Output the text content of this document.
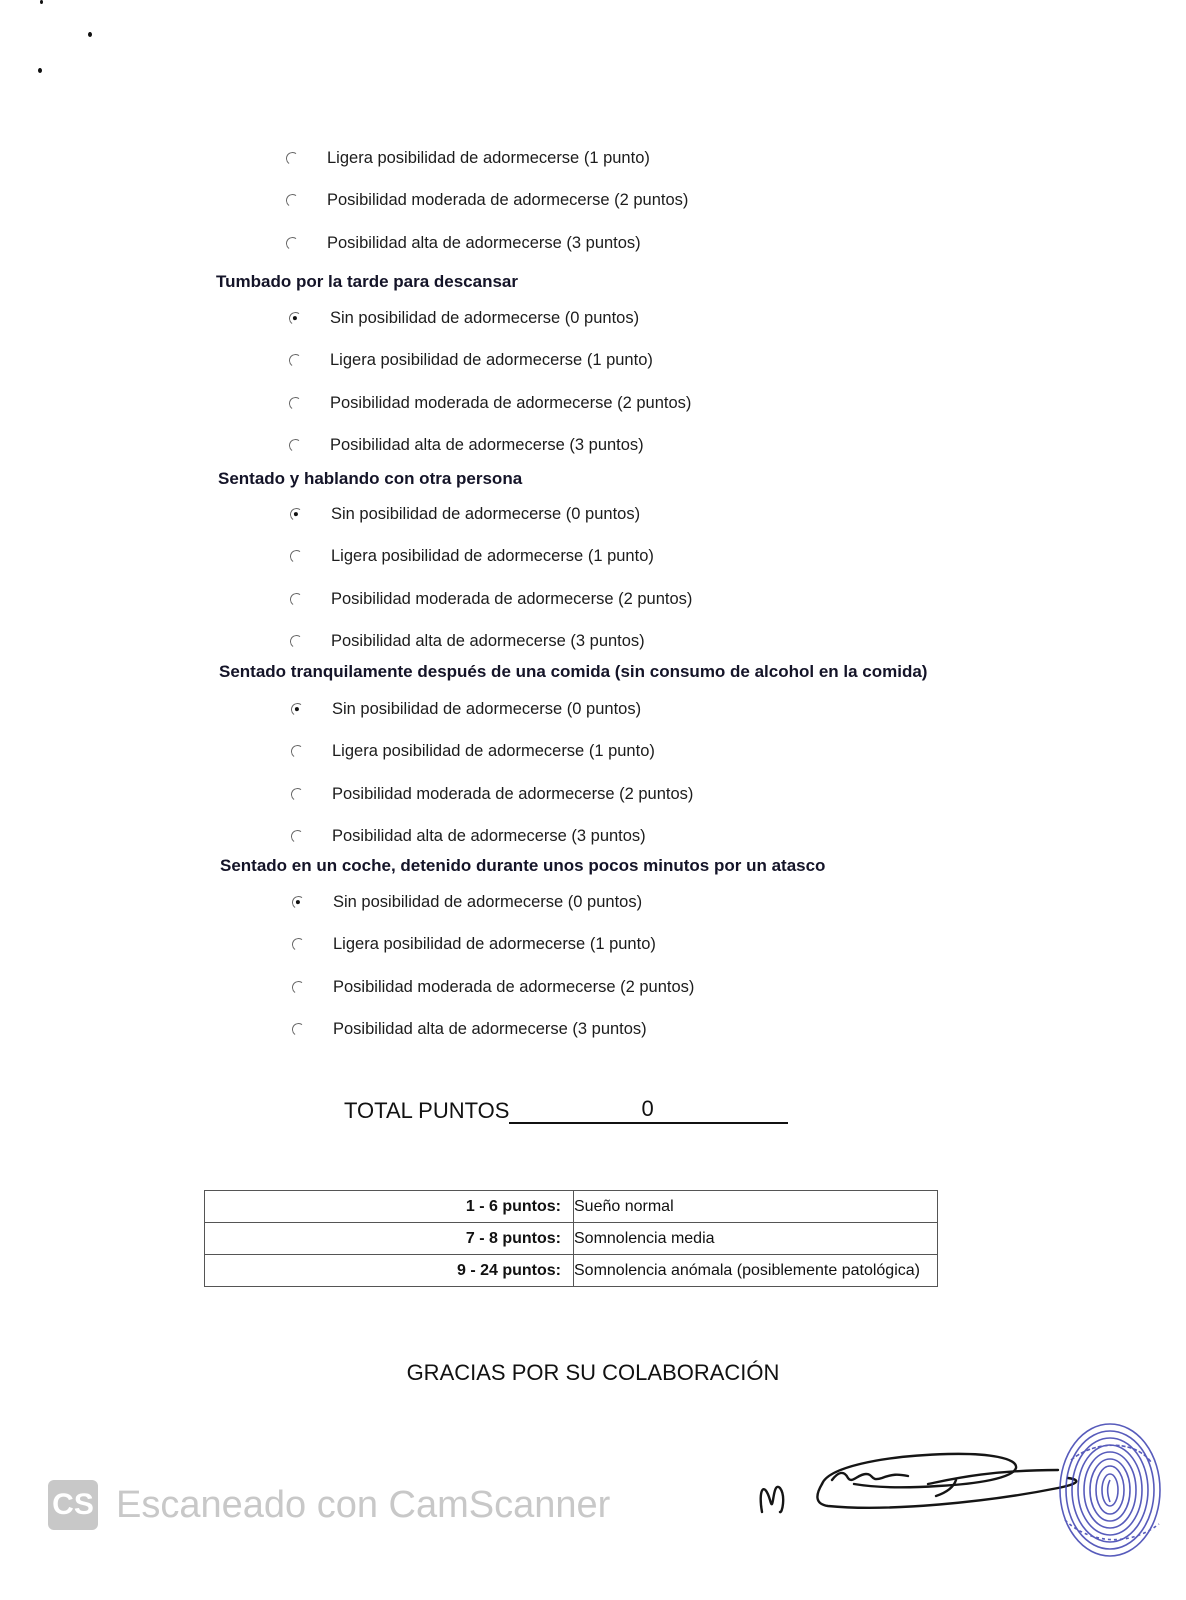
Ligera posibilidad de adormecerse (1 punto)
Posibilidad moderada de adormecerse (2 puntos)
Posibilidad alta de adormecerse (3 puntos)
Tumbado por la tarde para descansar
Sin posibilidad de adormecerse (0 puntos)
Ligera posibilidad de adormecerse (1 punto)
Posibilidad moderada de adormecerse (2 puntos)
Posibilidad alta de adormecerse (3 puntos)
Sentado y hablando con otra persona
Sin posibilidad de adormecerse (0 puntos)
Ligera posibilidad de adormecerse (1 punto)
Posibilidad moderada de adormecerse (2 puntos)
Posibilidad alta de adormecerse (3 puntos)
Sentado tranquilamente después de una comida (sin consumo de alcohol en la comida)
Sin posibilidad de adormecerse (0 puntos)
Ligera posibilidad de adormecerse (1 punto)
Posibilidad moderada de adormecerse (2 puntos)
Posibilidad alta de adormecerse (3 puntos)
Sentado en un coche, detenido durante unos pocos minutos por un atasco
Sin posibilidad de adormecerse (0 puntos)
Ligera posibilidad de adormecerse (1 punto)
Posibilidad moderada de adormecerse (2 puntos)
Posibilidad alta de adormecerse (3 puntos)
TOTAL PUNTOS	0
1 - 6 puntos:	Sueño normal
7 - 8 puntos:	Somnolencia media
9 - 24 puntos:	Somnolencia anómala (posiblemente patológica)
GRACIAS POR SU COLABORACIÓN
CS Escaneado con CamScanner
